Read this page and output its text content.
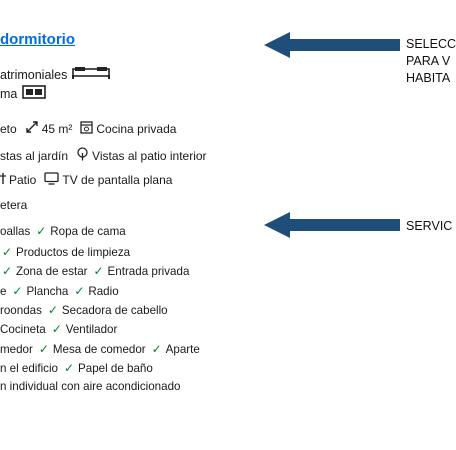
dormitorio
atrimoniales
ma
eto 45 m² Cocina privada
stas al jardín Vistas al patio interior
Patio TV de pantalla plana
etera
oallas ✓ Ropa de cama
✓ Productos de limpieza
✓ Zona de estar ✓ Entrada privada
e ✓ Plancha ✓ Radio
roondas ✓ Secadora de cabello
Cocineta ✓ Ventilador
medor ✓ Mesa de comedor ✓ Aparte
n el edificio ✓ Papel de baño
n individual con aire acondicionado
SELECC
PARA V
HABITA
SERVIC
